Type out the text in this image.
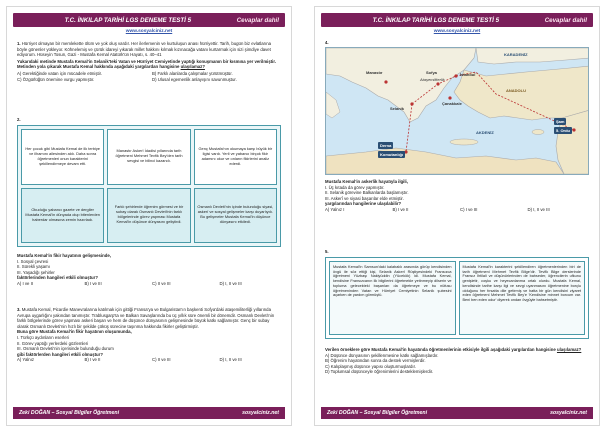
T.C. İNKILAP TARİHİ LGS DENEME TESTİ 5	Cevaplar dahil
www.sosyalciniz.net

1. Hürriyet olmayan bir memlekette ölüm ve yok oluş vardır. Her ilerlemenin ve kurtuluşun anası hürriyettir. Tarih, bugün biz evlatlarına böyle gönenler yükleyor. Köhnelemiş ve çürük idareyi yıkarak millet hakkını kılmak kızınacağa vatanı kurtarmak için sizi şimdiye davet ediyorum. Hüseyin Tosun, Gazi - Mustafa Kemal Atatürk'ün Hayatı, s. 40–41

Yukarıdaki metinde Mustafa Kemal'in Selanik'teki Vatan ve Hürriyet Cemiyetinde yaptığı konuşmanın bir kısmına yer verilmiştir. Metinden yola çıkarak Mustafa Kemal hakkında aşağıdaki yargılardan hangisine ulaşılamaz?

A) Gerektiğinde vatan için mücadele etmiştir.	B) Farklı alanlarda çalışmalar yürütmüştür.
C) Özgürlüğün önemine vurgu yapmıştır.	D) Ulusal egemenlik anlayışını savunmuştur.
2.
Her çocuk gibi Mustafa Kemal de ilk terbiye ve ilhamını ailesinden aldı. Daha sonra öğretmenleri onun karakterini şekillendirmeye devam etti.
Manastır Askerî İdadisi yıllarında tarih öğretmeni Mehmet Tevfik Bey'den tarih sevgisi ve bilinci kazandı.
Genç Mustafa'nın okumaya karşı büyük bir ilgisi vardı. Yerli ve yabancı birçok fikir adamını okur ve onların fikirlerini analiz ederdi.
Okuduğu yabancı gazete ve dergiler Mustafa Kemal'in dünyada olup bitenlerden haberdar olmasına zemin hazırladı.
Farklı şehirlerde öğrenim görmesi ve bir subay olarak Osmanlı Devleti'nin farklı bölgelerinde görev yapması Mustafa Kemal'in düşünce dünyasını geliştirdi.
Osmanlı Devleti'nin içinde bulunduğu siyasi, askerî ve sosyal gelişmeler karşı duyarlıydı. Bu gelişmeler Mustafa Kemal'in düşünce dünyasını etkiledi.

Mustafa Kemal'in fikir hayatının gelişmesinde,

I. Sosyal çevresi

II. Sürekli yaşamı

III. Yaşadığı şehirler

faktörlerinden hangileri etkili olmuştur?

A) I ve II	B) I ve III	C) II ve III	D) I, II ve III

3. Mustafa Kemal, Picardie Manevralarına katılmak için gittiği Fransa'ya ve Bulgaristan'ın başkenti Sofya'daki ataşemiliterliği yıllarında Avrupa uygarlığını yakından tanımıştır. Trablusgarp'ta ve Balkan Savaşlarında bu üç yıllık süre önemli bir dönemdir. Osmanlı Devleti'nin farklı bölgelerinde görev yapması askeri başarı ve hem de düşünce dünyasının gelişmesinde büyük katkı sağlamıştır. Genç bir subay olarak Osmanlı Devleti'nin hızlı bir şekilde çöküş sürecine taşınma hakkında fikirler geliştirmiştir.

Buna göre Mustafa Kemal'in fikir hayatının oluşumunda,

I. Türkçü aydınların eserleri

II. Görev yaptığı yerlerdeki gözlemleri

III. Osmanlı Devleti'nin içerisinde bulunduğu durum

gibi faktörlerden hangileri etkili olmuştur?

A) Yalnız	B) I ve II	C) II ve III	D) I, II ve III
Zeki DOĞAN – Sosyal Bilgiler Öğretmeni	sosyalciniz.net
T.C. İNKILAP TARİHİ LGS DENEME TESTİ 5	Cevaplar dahil
www.sosyalciniz.net
4.
Manastır	Sofya
Ataşemiliterlik
İstanbul
Selanik
Çanakkale
KARADENİZ
ANADOLU
AKDENİZ
Şam
5. Ordu
Derna
Komutanlığı

Mustafa Kemal'in askerlik hayatıyla ilgili,

I. Üç kıtada da görev yapmıştır.

II. Selanik görevine Balkanlarda başlamıştır.

III. Askerî ve siyasi başarılar elde etmiştir.

yargılarından hangilerine ulaşılabilir?

A) Yalnız I	B) I ve II	C) I ve III	D) I, II ve III
5.
Mustafa Kemal'in Samsun'daki kalabalık arasında görüp kendisinden övgü ile söz ettiği kişi, Selanik Askerî Rüştiyesindeki Fransızca öğretmeni Yüzbaşı Nakiyüddin (Yücekök) idi. Mustafa Kemal, kendisine Fransızcanın ilk bilgilerini öğretmekle yetinmeyip dilserin ve topluma gelecekteki başarıları da öğretmeye ve bu nüfusu öğretmeninden Vatan ve Hürriyet Cemiyetinin Selanik şubesini açarken de yardım görmüştü.
Mustafa Kemal'in karakterini şekillendiren öğretmenlerinden biri de tarih öğretmeni Mehmet Tevfik Bilge'dir. Tevfik Bilge derslerinde Fransız İhtilali ve düşünürlerinden de bahseder, öğrencilerin ufkunu genişletir, coşku ve heyecanlanma ortak olurdu. Mustafa Kemal, kendisinde tarihe karşı ilgi ve sevgi uyanmasını öğretmenine borçlu olduğunu her fırsatta dile getirmiş ve hatta bir gün kendisini ziyaret eden öğretmeni Mehmet Tevfik Bey'e 'Kendisine minnet borcum var. Beni ben eden odur' diyerek ondan övgüyle bahsetmiştir.

Verilen örneklere göre Mustafa Kemal'in hayatında öğretmenlerinin etkisiyle ilgili aşağıdaki yargılardan hangisine ulaşılamaz?

A) Düşünce dünyasının şekillenmesine katkı sağlamışlardır.
B) Öğrenim hayatından sonra da destek vermişlerdir.
C) Kalıplaşmış düşünce yapısı oluşturmuşlardır.
D) Toplumsal düşünceyle öğrenimlerini desteklemişlerdir.
Zeki DOĞAN – Sosyal Bilgiler Öğretmeni	sosyalciniz.net
